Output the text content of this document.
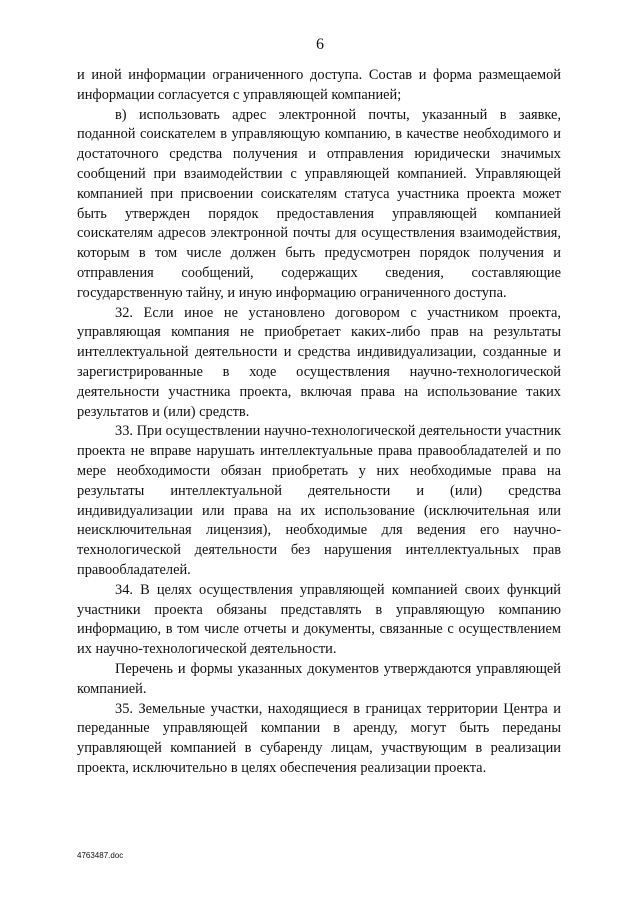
6

и иной информации ограниченного доступа. Состав и форма размещаемой информации согласуется с управляющей компанией;

в) использовать адрес электронной почты, указанный в заявке, поданной соискателем в управляющую компанию, в качестве необходимого и достаточного средства получения и отправления юридически значимых сообщений при взаимодействии с управляющей компанией. Управляющей компанией при присвоении соискателям статуса участника проекта может быть утвержден порядок предоставления управляющей компанией соискателям адресов электронной почты для осуществления взаимодействия, которым в том числе должен быть предусмотрен порядок получения и отправления сообщений, содержащих сведения, составляющие государственную тайну, и иную информацию ограниченного доступа.

32. Если иное не установлено договором с участником проекта, управляющая компания не приобретает каких-либо прав на результаты интеллектуальной деятельности и средства индивидуализации, созданные и зарегистрированные в ходе осуществления научно-технологической деятельности участника проекта, включая права на использование таких результатов и (или) средств.

33. При осуществлении научно-технологической деятельности участник проекта не вправе нарушать интеллектуальные права правообладателей и по мере необходимости обязан приобретать у них необходимые права на результаты интеллектуальной деятельности и (или) средства индивидуализации или права на их использование (исключительная или неисключительная лицензия), необходимые для ведения его научно-технологической деятельности без нарушения интеллектуальных прав правообладателей.

34. В целях осуществления управляющей компанией своих функций участники проекта обязаны представлять в управляющую компанию информацию, в том числе отчеты и документы, связанные с осуществлением их научно-технологической деятельности.

Перечень и формы указанных документов утверждаются управляющей компанией.

35. Земельные участки, находящиеся в границах территории Центра и переданные управляющей компании в аренду, могут быть переданы управляющей компанией в субаренду лицам, участвующим в реализации проекта, исключительно в целях обеспечения реализации проекта.

4763487.doc
